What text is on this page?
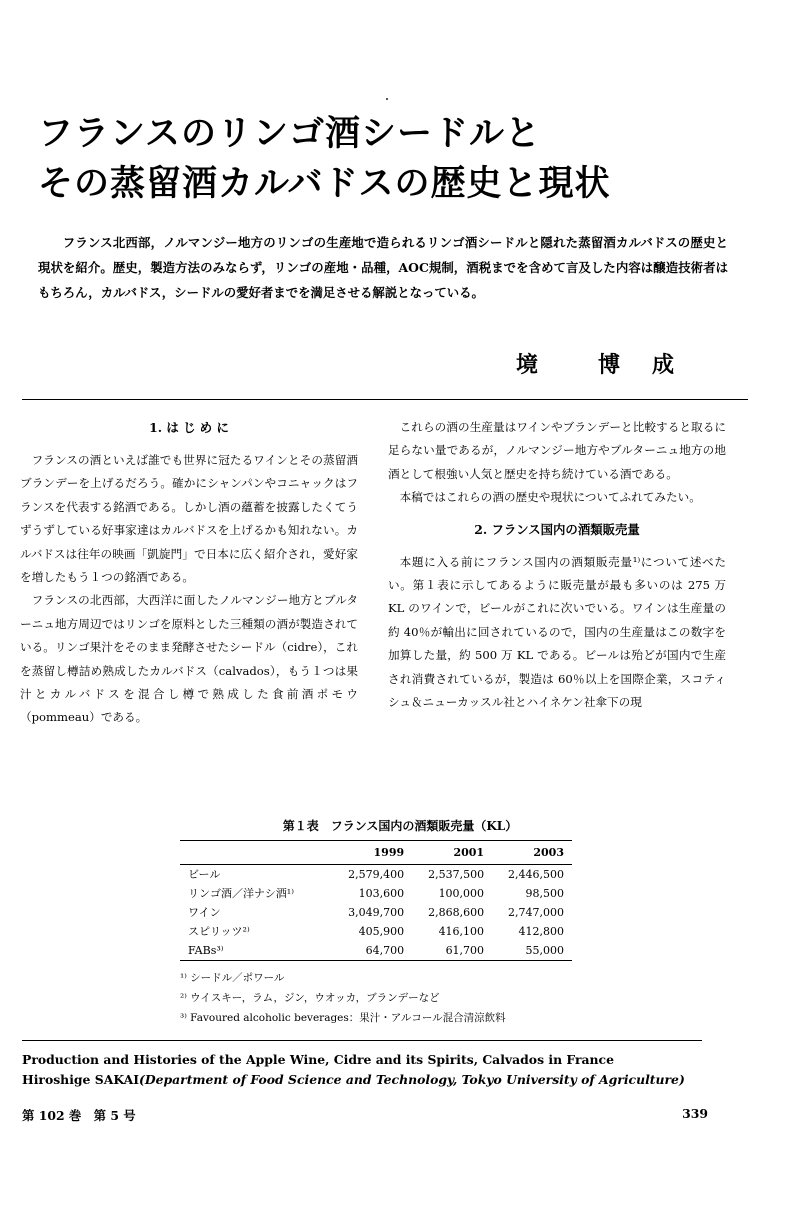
フランスのリンゴ酒シードルと
その蒸留酒カルバドスの歴史と現状
フランス北西部，ノルマンジー地方のリンゴの生産地で造られるリンゴ酒シードルと隠れた蒸留酒カルバドスの歴史と現状を紹介。歴史，製造方法のみならず，リンゴの産地・品種，AOC規制，酒税までを含めて言及した内容は醸造技術者はもちろん，カルバドス，シードルの愛好者までを満足させる解説となっている。
境	博 成
1. は じ め に

フランスの酒といえば誰でも世界に冠たるワインとその蒸留酒ブランデーを上げるだろう。確かにシャンパンやコニャックはフランスを代表する銘酒である。しかし酒の蘊蓄を披露したくてうずうずしている好事家達はカルバドスを上げるかも知れない。カルバドスは往年の映画「凱旋門」で日本に広く紹介され，愛好家を増したもう１つの銘酒である。

フランスの北西部，大西洋に面したノルマンジー地方とブルターニュ地方周辺ではリンゴを原料とした三種類の酒が製造されている。リンゴ果汁をそのまま発酵させたシードル（cidre），これを蒸留し樽詰め熟成したカルバドス（calvados），もう１つは果汁とカルバドスを混合し樽で熟成した食前酒ポモウ（pommeau）である。

これらの酒の生産量はワインやブランデーと比較すると取るに足らない量であるが，ノルマンジー地方やブルターニュ地方の地酒として根強い人気と歴史を持ち続けている酒である。

本稿ではこれらの酒の歴史や現状についてふれてみたい。

2. フランス国内の酒類販売量

本題に入る前にフランス国内の酒類販売量¹⁾について述べたい。第１表に示してあるように販売量が最も多いのは 275 万 KL のワインで，ビールがこれに次いでいる。ワインは生産量の約 40％が輸出に回されているので，国内の生産量はこの数字を加算した量，約 500 万 KL である。ビールは殆どが国内で生産され消費されているが，製造は 60％以上を国際企業，スコティシュ＆ニューカッスル社とハイネケン社傘下の現

第１表　フランス国内の酒類販売量（KL）
	1999	2001	2003
ビール	2,579,400	2,537,500	2,446,500
リンゴ酒／洋ナシ酒¹⁾	103,600	100,000	98,500
ワイン	3,049,700	2,868,600	2,747,000
スピリッツ²⁾	405,900	416,100	412,800
FABs³⁾	64,700	61,700	55,000
¹⁾ シードル／ポワール
²⁾ ウイスキー，ラム，ジン，ウオッカ，ブランデーなど
³⁾ Favoured alcoholic beverages：果汁・アルコール混合清涼飲料
Production and Histories of the Apple Wine, Cidre and its Spirits, Calvados in France
Hiroshige SAKAI(Department of Food Science and Technology, Tokyo University of Agriculture)
第 102 巻　第 5 号	339
